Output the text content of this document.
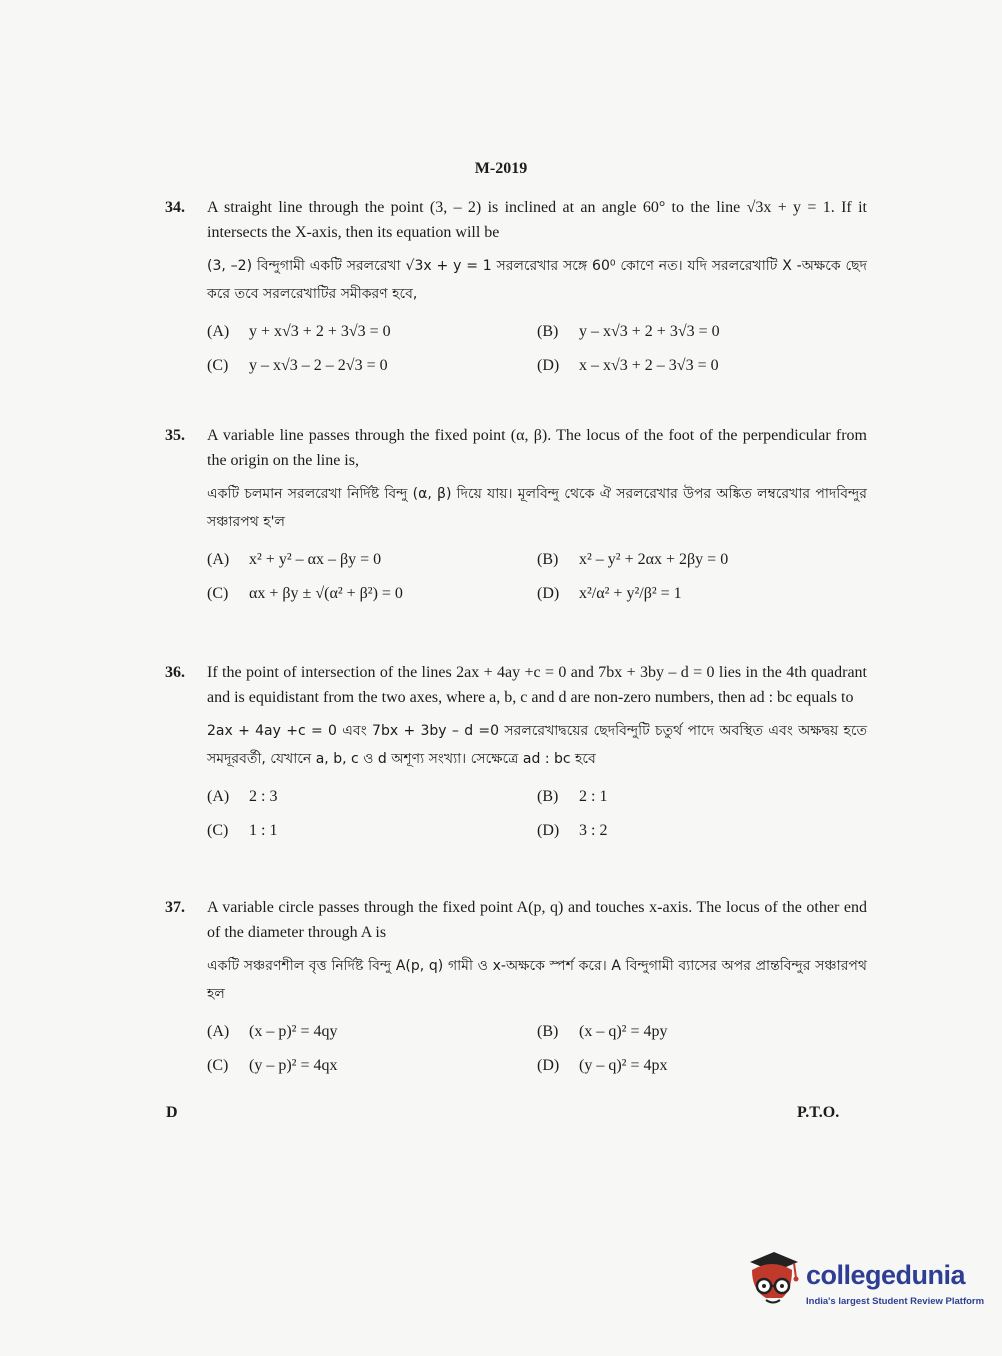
M-2019
34.	A straight line through the point (3, – 2) is inclined at an angle 60° to the line √3x + y = 1. If it intersects the X-axis, then its equation will be
(3, –2) বিন্দুগামী একটি সরলরেখা √3x + y = 1 সরলরেখার সঙ্গে 60⁰ কোণে নত। যদি সরলরেখাটি X -অক্ষকে ছেদ করে তবে সরলরেখাটির সমীকরণ হবে,
(A)	y + x√3 + 2 + 3√3 = 0	(B)	y – x√3 + 2 + 3√3 = 0
(C)	y – x√3 – 2 – 2√3 = 0	(D)	x – x√3 + 2 – 3√3 = 0
35.	A variable line passes through the fixed point (α, β). The locus of the foot of the perpendicular from the origin on the line is,
একটি চলমান সরলরেখা নির্দিষ্ট বিন্দু (α, β) দিয়ে যায়। মূলবিন্দু থেকে ঐ সরলরেখার উপর অঙ্কিত লম্বরেখার পাদবিন্দুর সঞ্চারপথ হ'ল
(A)	x² + y² – αx – βy = 0	(B)	x² – y² + 2αx + 2βy = 0
(C)	αx + βy ± √(α² + β²) = 0	(D)	x²/α² + y²/β² = 1
36.	If the point of intersection of the lines 2ax + 4ay +c = 0 and 7bx + 3by – d = 0 lies in the 4th quadrant and is equidistant from the two axes, where a, b, c and d are non-zero numbers, then ad : bc equals to
2ax + 4ay +c = 0 এবং 7bx + 3by – d =0 সরলরেখাদ্বয়ের ছেদবিন্দুটি চতুর্থ পাদে অবস্থিত এবং অক্ষদ্বয় হতে সমদূরবর্তী, যেখানে a, b, c ও d অশূণ্য সংখ্যা। সেক্ষেত্রে ad : bc হবে
(A)	2 : 3	(B)	2 : 1
(C)	1 : 1	(D)	3 : 2
37.	A variable circle passes through the fixed point A(p, q) and touches x-axis. The locus of the other end of the diameter through A is
একটি সঞ্চরণশীল বৃত্ত নির্দিষ্ট বিন্দু A(p, q) গামী ও x-অক্ষকে স্পর্শ করে। A বিন্দুগামী ব্যাসের অপর প্রান্তবিন্দুর সঞ্চারপথ হল
(A)	(x – p)² = 4qy	(B)	(x – q)² = 4py
(C)	(y – p)² = 4qx	(D)	(y – q)² = 4px
D	P.T.O.
collegedunia
India's largest Student Review Platform
